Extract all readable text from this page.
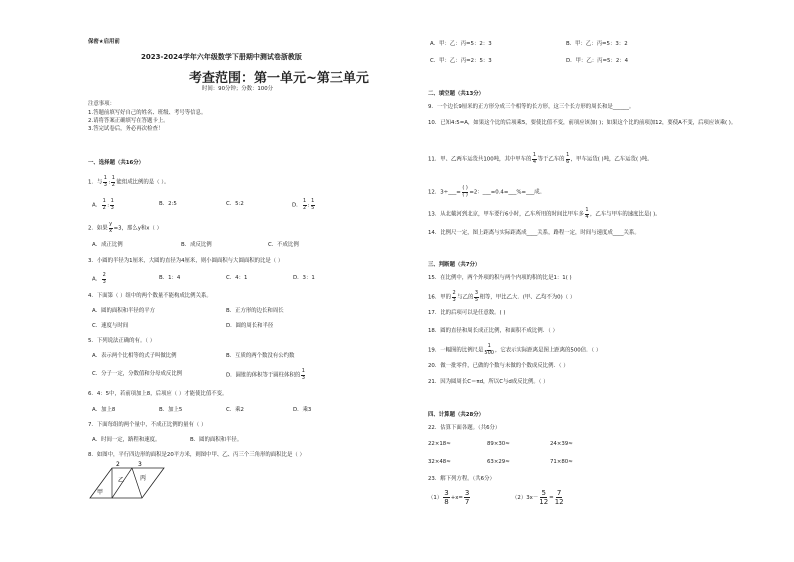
保密★启用前
2023-2024学年六年级数学下册期中测试卷浙教版
考查范围：第一单元~第三单元
时间：90分钟；分数：100分
注意事项：
1.答题前填写好自己的姓名、班级、考号等信息。
2.请将答案正确填写在答题卡上。
3.答完试卷后，务必再次检查！
一、选择题（共16分）
1．与 $\frac{1}{3}$ : $\frac{1}{2}$ 能组成比例的是（ ）。
A． $\frac{1}{2}$ : $\frac{1}{3}$	B．2:5	C．5:2	D． $\frac{1}{2}$ : $\frac{1}{5}$
2．如果 $\frac{y}{x} =3$，那么y和x（ ）
A．成正比例	B．成反比例	C．不成比例
3．小圆的半径为1厘米，大圆的直径为4厘米，则小圆面积与大圆面积的比是（ ）
A． $\frac{2}{3}$	B．1：4	C．4：1	D．3：1
4．下面第（ ）组中的两个数量不能构成比例关系。
A．圆的面积和半径的平方	B．正方形的边长和周长
C．速度与时间	D．圆的周长和半径
5．下列说法正确的有。（ ）
A．表示两个比相等的式子叫做比例	B．互质的两个数没有公约数
C．分子一定，分数值和分母成反比例	D．圆锥的体积等于圆柱体积的 $\frac{1}{3}$
6．4：5中，若前项加上8，后项应（ ）才能使比值不变。
A．加上8	B．加上5	C．乘2	D．乘3
7．下面每组的两个量中，不成正比例的量有（ ）
A．时间一定，路程和速度。	B．圆的面积和半径。
8．如图中，平行四边形的面积是20平方米，则图中甲、乙、丙三个三角形的面积比是（ ）
2	3
甲
乙	丙
A．甲：乙：丙=5：2：3	B．甲：乙：丙=5：3：2
C．甲：乙：丙=2：5：3	D．甲：乙：丙=5：2：4
二、填空题（共13分）
9．一个边长9厘米的正方形分成三个相等的长方形，这三个长方形的周长和是______。
10．已知4:5=A，如果这个比的后项乘5，要使比值不变，前项应该加( )；如果这个比的前项加12，要使A不变，后项应该乘( )。
11．甲、乙两车运货共100吨，其中甲车的 $\frac{1}{4}$ 等于乙车的 $\frac{1}{6}$ ，甲车运货( )吨，乙车运货( )吨。
12．3÷___= $\frac{( )}{( )} =2$：___=0.4=___%=___成。
13．从北戴河到北京，甲车要行6小时，乙车所用的时间比甲车多 $\frac{1}{4}$ ，乙车与甲车的速度比是( )。
14．比例尺一定，图上距离与实际距离成____关系，路程一定，时间与速度成____关系。
三、判断题（共7分）
15．在比例中，两个外项的积与两个内项的积的比是1：1( )
16．甲的 $\frac{2}{3}$ 与乙的 $\frac{3}{5}$ 相等，甲比乙大．(甲、乙均不为0)（ ）
17．比的后项可以是任意数。( )
18．圆的直径和周长成正比例，和面积不成比例．（ ）
19．一幅图的比例尺是 $\frac{1}{500}$ ，它表示实际距离是图上距离的500倍．（ ）
20．做一批零件，已做的个数与未做的个数成反比例．（ ）
21．因为圆周长C＝πd，所以C与d成反比例。（ ）
四、计算题（共28分）
22．估算下面各题。（共6分）
22×18≈	89×30≈	24×39≈
32×48≈	63×29≈	71×80≈
23．解下列方程。（共6分）
$(1) \frac{3}{8} +x= \frac{3}{7}$	$(2)3x- \frac{5}{12} = \frac{7}{12}$
